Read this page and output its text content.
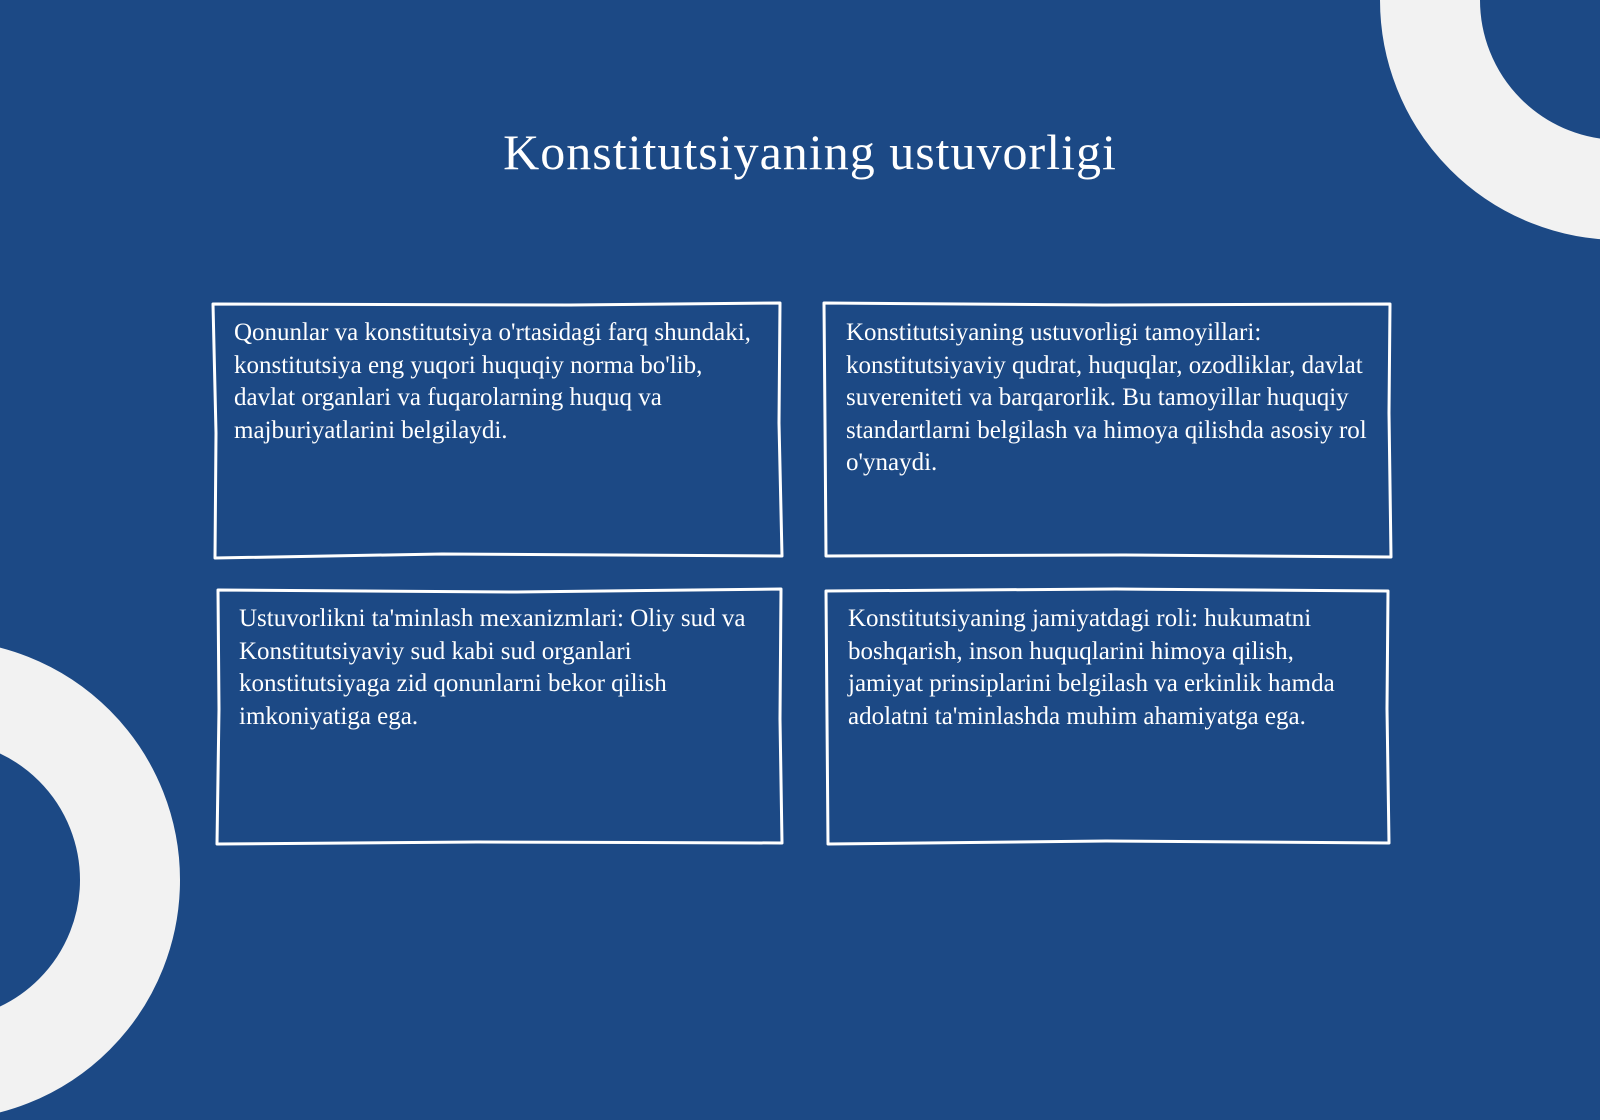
Konstitutsiyaning ustuvorligi

Qonunlar va konstitutsiya o'rtasidagi farq shundaki, konstitutsiya eng yuqori huquqiy norma bo'lib, davlat organlari va fuqarolarning huquq va majburiyatlarini belgilaydi.

Konstitutsiyaning ustuvorligi tamoyillari: konstitutsiyaviy qudrat, huquqlar, ozodliklar, davlat suvereniteti va barqarorlik. Bu tamoyillar huquqiy standartlarni belgilash va himoya qilishda asosiy rol o'ynaydi.

Ustuvorlikni ta'minlash mexanizmlari: Oliy sud va Konstitutsiyaviy sud kabi sud organlari konstitutsiyaga zid qonunlarni bekor qilish imkoniyatiga ega.

Konstitutsiyaning jamiyatdagi roli: hukumatni boshqarish, inson huquqlarini himoya qilish, jamiyat prinsiplarini belgilash va erkinlik hamda adolatni ta'minlashda muhim ahamiyatga ega.
